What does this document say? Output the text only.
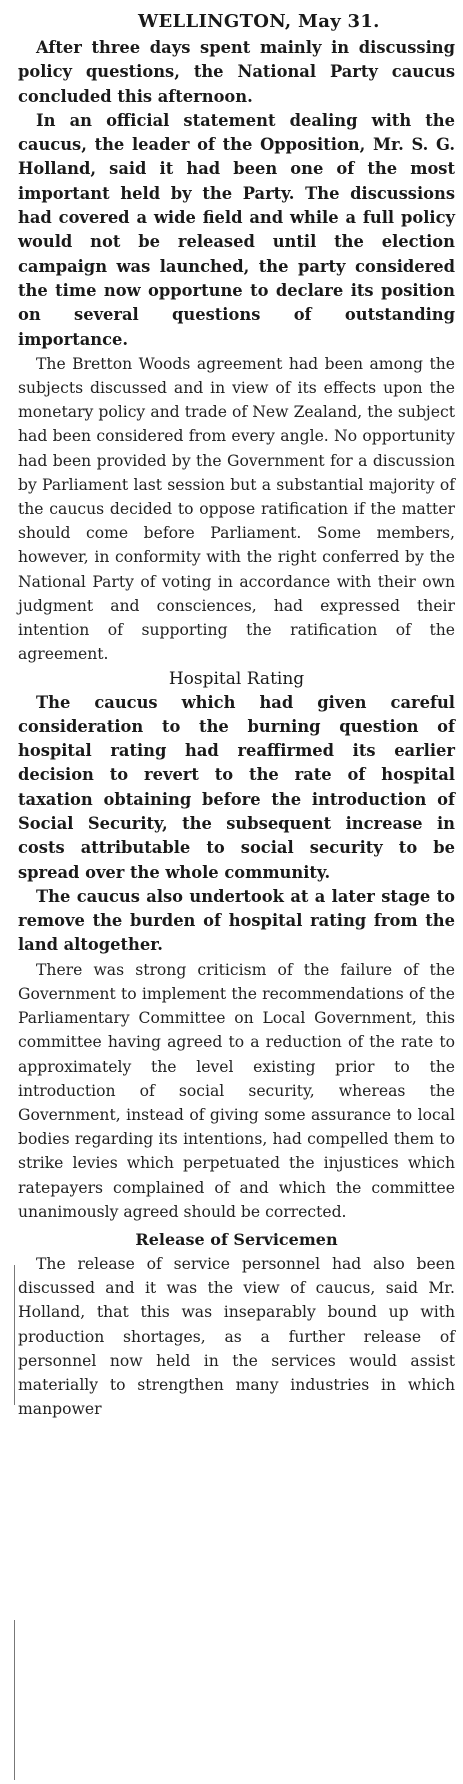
WELLINGTON, May 31.

After three days spent mainly in discussing policy questions, the National Party caucus concluded this afternoon.

In an official statement dealing with the caucus, the leader of the Opposition, Mr. S. G. Holland, said it had been one of the most important held by the Party. The discussions had covered a wide field and while a full policy would not be released until the election campaign was launched, the party considered the time now opportune to declare its position on several questions of outstanding importance.

The Bretton Woods agreement had been among the subjects discussed and in view of its effects upon the monetary policy and trade of New Zealand, the subject had been considered from every angle. No opportunity had been provided by the Government for a discussion by Parliament last session but a substantial majority of the caucus decided to oppose ratification if the matter should come before Parliament. Some members, however, in conformity with the right conferred by the National Party of voting in accordance with their own judgment and consciences, had expressed their intention of supporting the ratification of the agreement.

Hospital Rating

The caucus which had given careful consideration to the burning question of hospital rating had reaffirmed its earlier decision to revert to the rate of hospital taxation obtaining before the introduction of Social Security, the subsequent increase in costs attributable to social security to be spread over the whole community.

The caucus also undertook at a later stage to remove the burden of hospital rating from the land altogether.

There was strong criticism of the failure of the Government to implement the recommendations of the Parliamentary Committee on Local Government, this committee having agreed to a reduction of the rate to approximately the level existing prior to the introduction of social security, whereas the Government, instead of giving some assurance to local bodies regarding its intentions, had compelled them to strike levies which perpetuated the injustices which ratepayers complained of and which the committee unanimously agreed should be corrected.

Release of Servicemen

The release of service personnel had also been discussed and it was the view of caucus, said Mr. Holland, that this was inseparably bound up with production shortages, as a further release of personnel now held in the services would assist materially to strengthen many industries in which manpower
